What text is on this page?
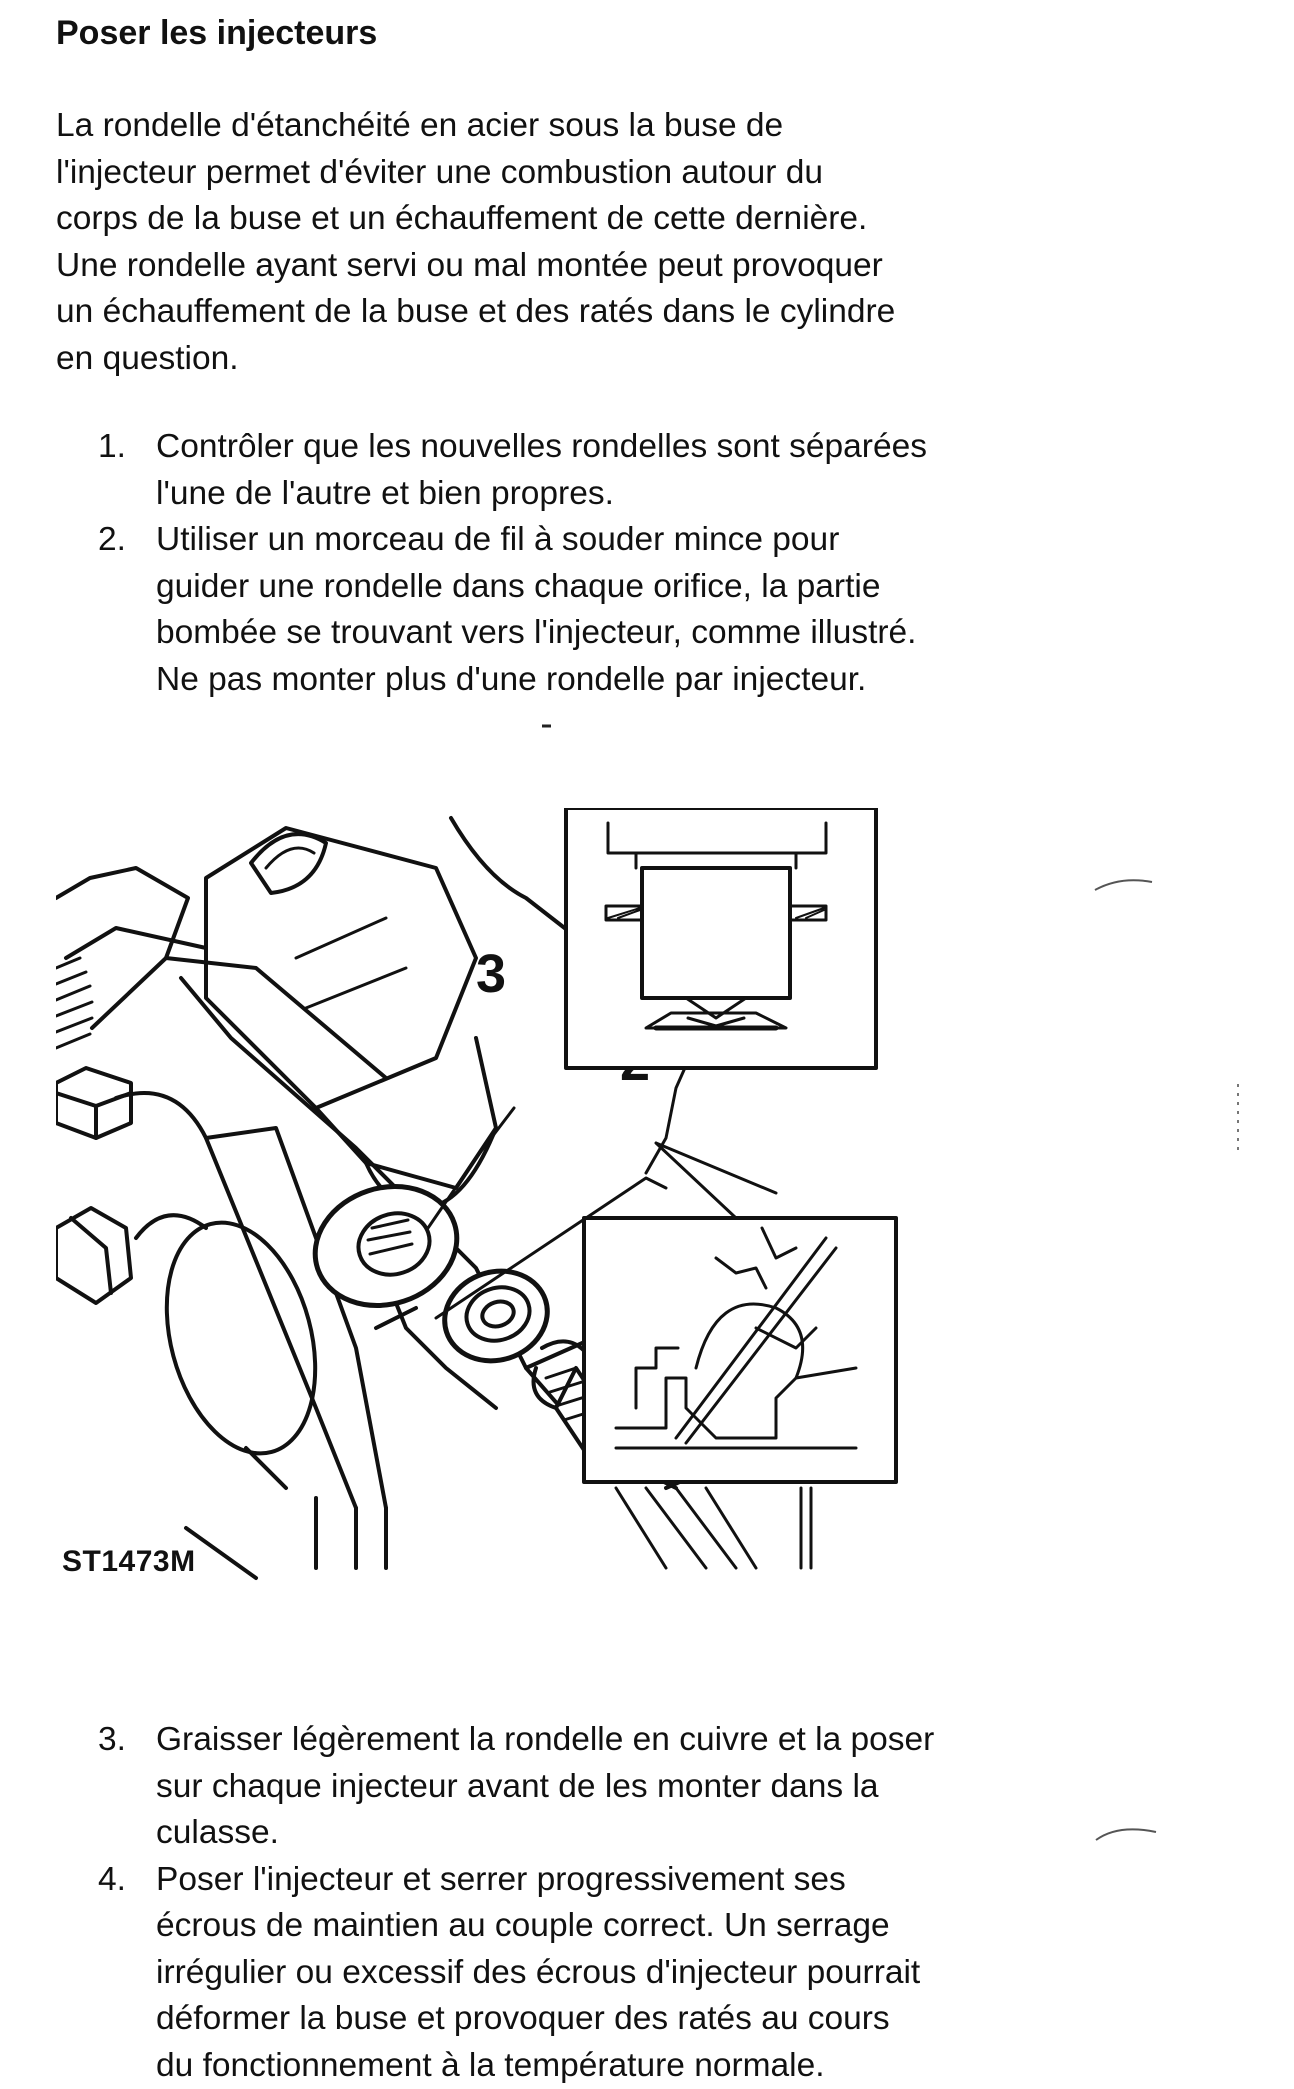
Poser les injecteurs
La rondelle d'étanchéité en acier sous la buse de
l'injecteur permet d'éviter une combustion autour du
corps de la buse et un échauffement de cette dernière.
Une rondelle ayant servi ou mal montée peut provoquer
un échauffement de la buse et des ratés dans le cylindre
en question.
1. Contrôler que les nouvelles rondelles sont séparées
l'une de l'autre et bien propres.
2. Utiliser un morceau de fil à souder mince pour
guider une rondelle dans chaque orifice, la partie
bombée se trouvant vers l'injecteur, comme illustré.
Ne pas monter plus d'une rondelle par injecteur.
3
ST1473M
3. Graisser légèrement la rondelle en cuivre et la poser
sur chaque injecteur avant de les monter dans la
culasse.
4. Poser l'injecteur et serrer progressivement ses
écrous de maintien au couple correct. Un serrage
irrégulier ou excessif des écrous d'injecteur pourrait
déformer la buse et provoquer des ratés au cours
du fonctionnement à la température normale.
